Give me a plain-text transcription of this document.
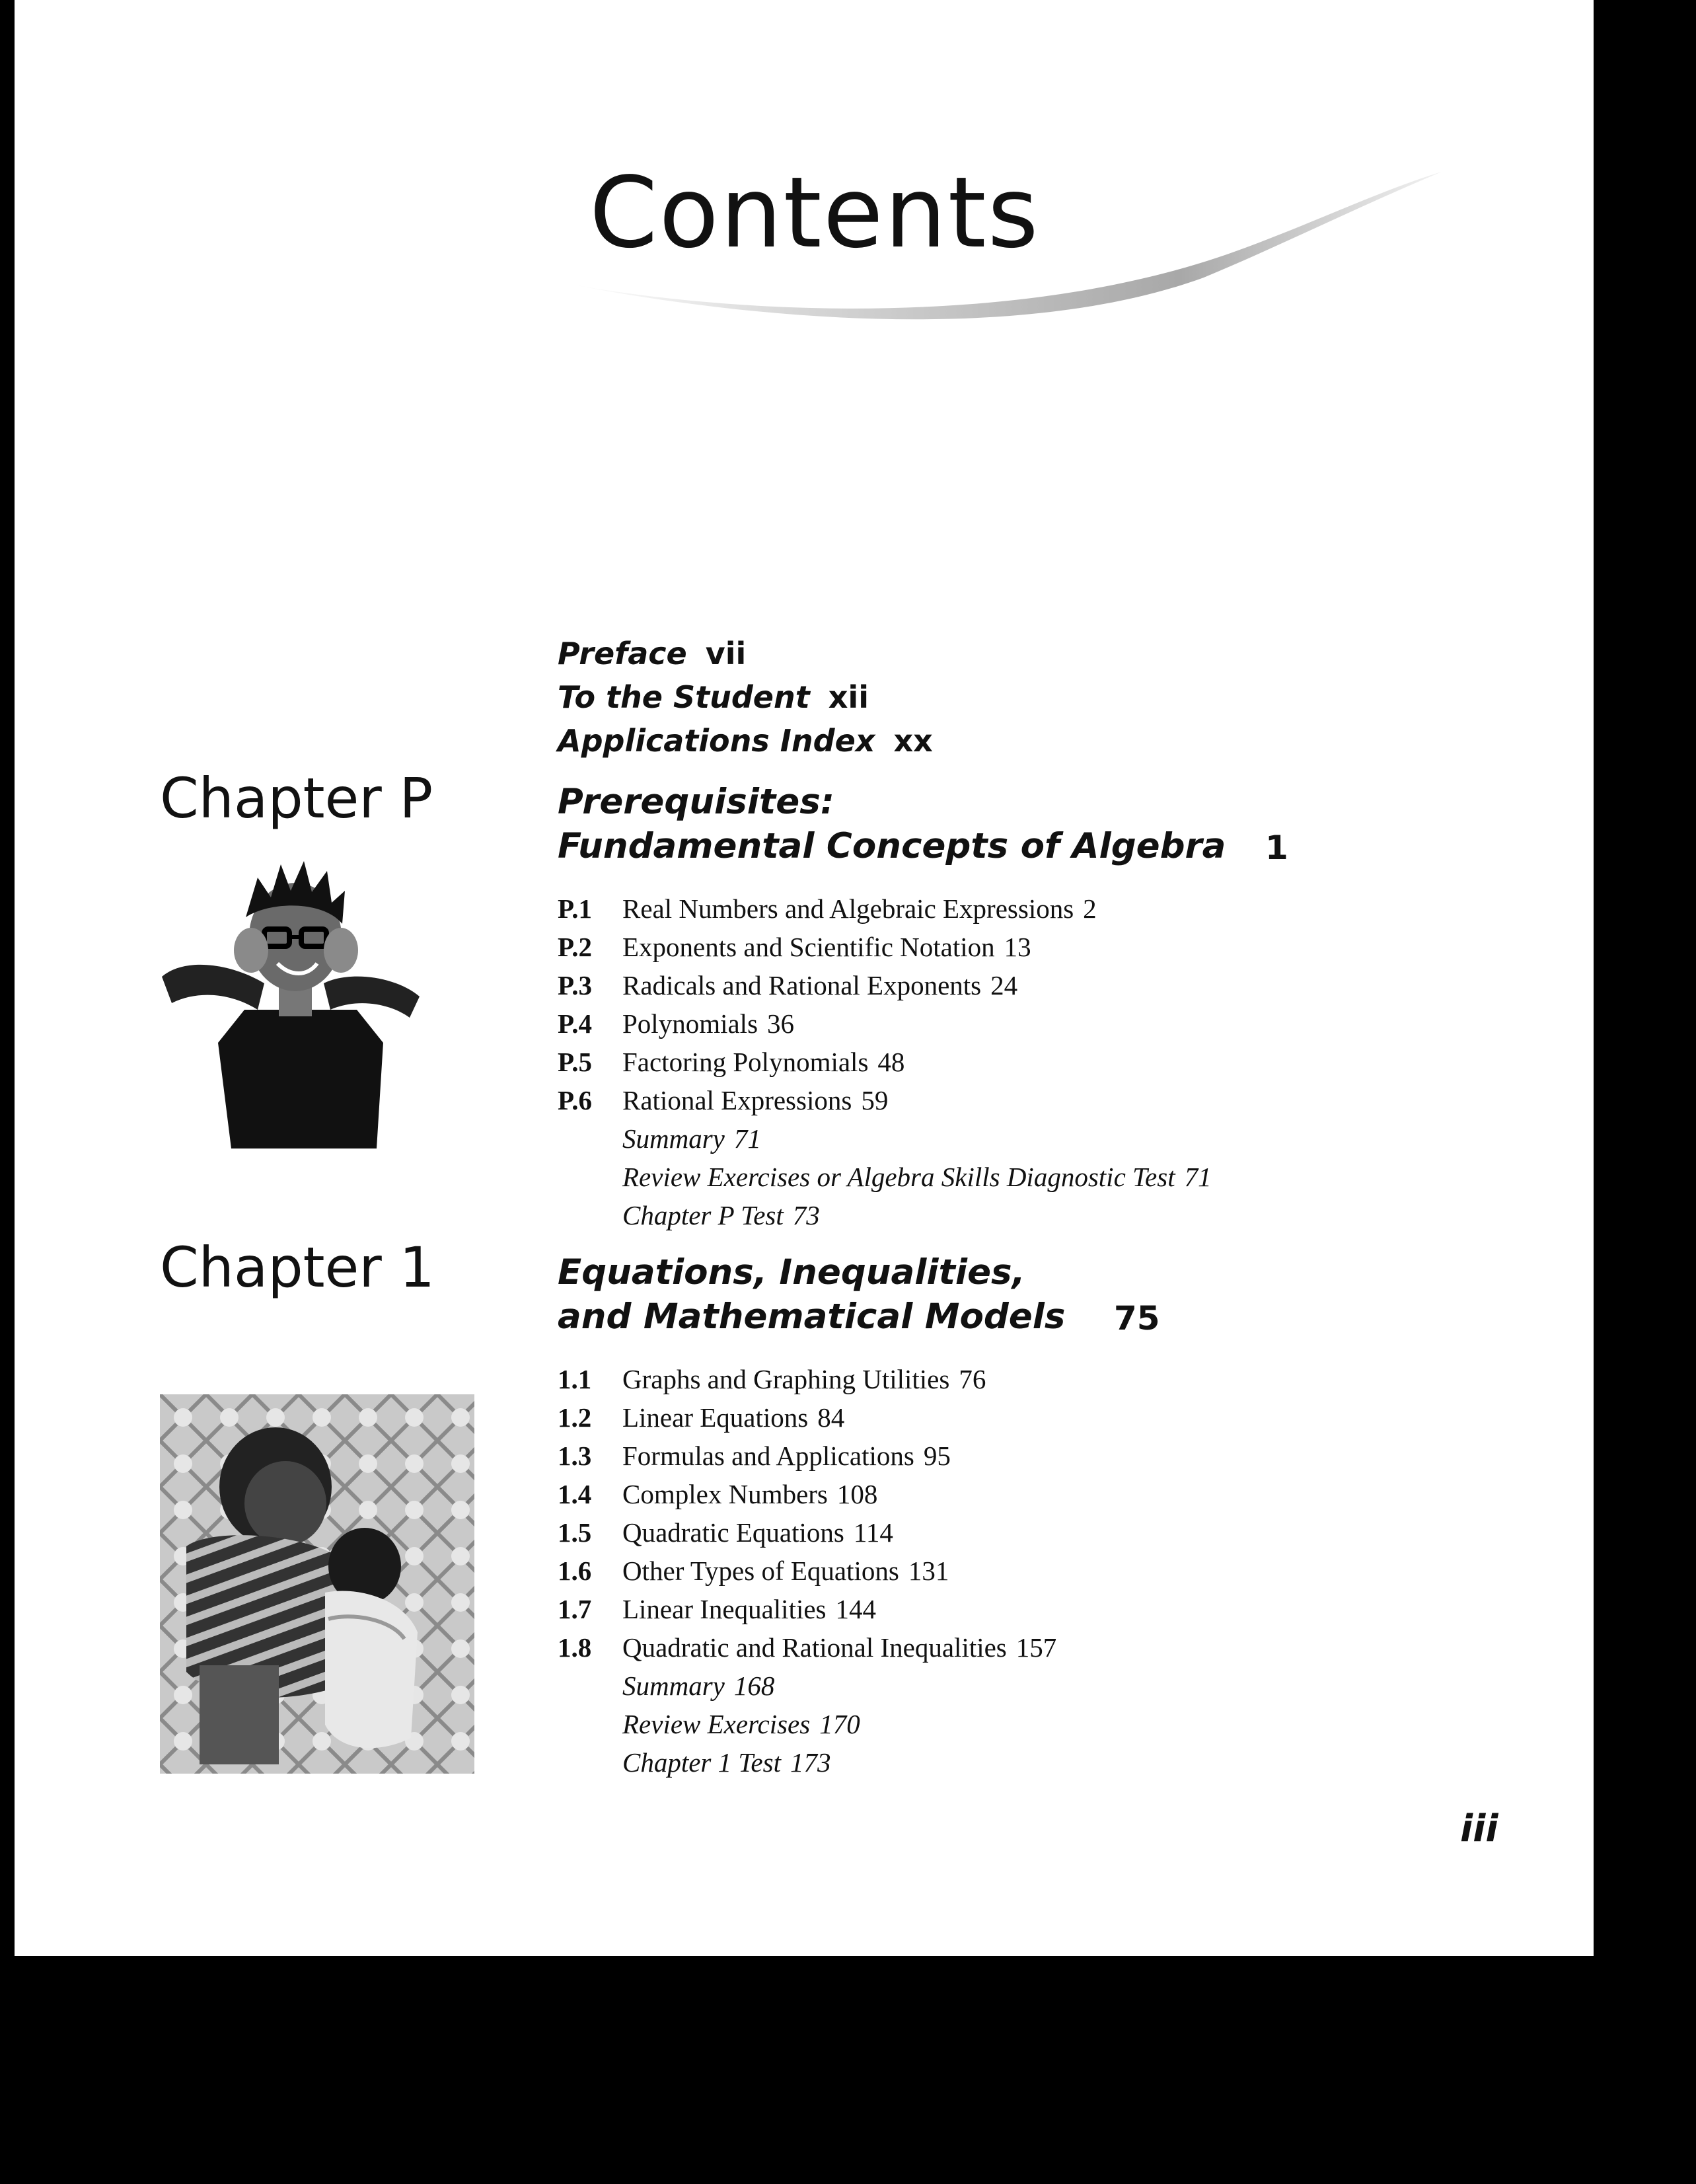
Contents
Preface vii
To the Student xii
Applications Index xx
Chapter P	Prerequisites:
Fundamental Concepts of Algebra 1
P.1 Real Numbers and Algebraic Expressions 2
P.2 Exponents and Scientific Notation 13
P.3 Radicals and Rational Exponents 24
P.4 Polynomials 36
P.5 Factoring Polynomials 48
P.6 Rational Expressions 59
Summary 71
Review Exercises or Algebra Skills Diagnostic Test 71
Chapter P Test 73
Chapter 1	Equations, Inequalities,
and Mathematical Models 75
1.1 Graphs and Graphing Utilities 76
1.2 Linear Equations 84
1.3 Formulas and Applications 95
1.4 Complex Numbers 108
1.5 Quadratic Equations 114
1.6 Other Types of Equations 131
1.7 Linear Inequalities 144
1.8 Quadratic and Rational Inequalities 157
Summary 168
Review Exercises 170
Chapter 1 Test 173
iii
